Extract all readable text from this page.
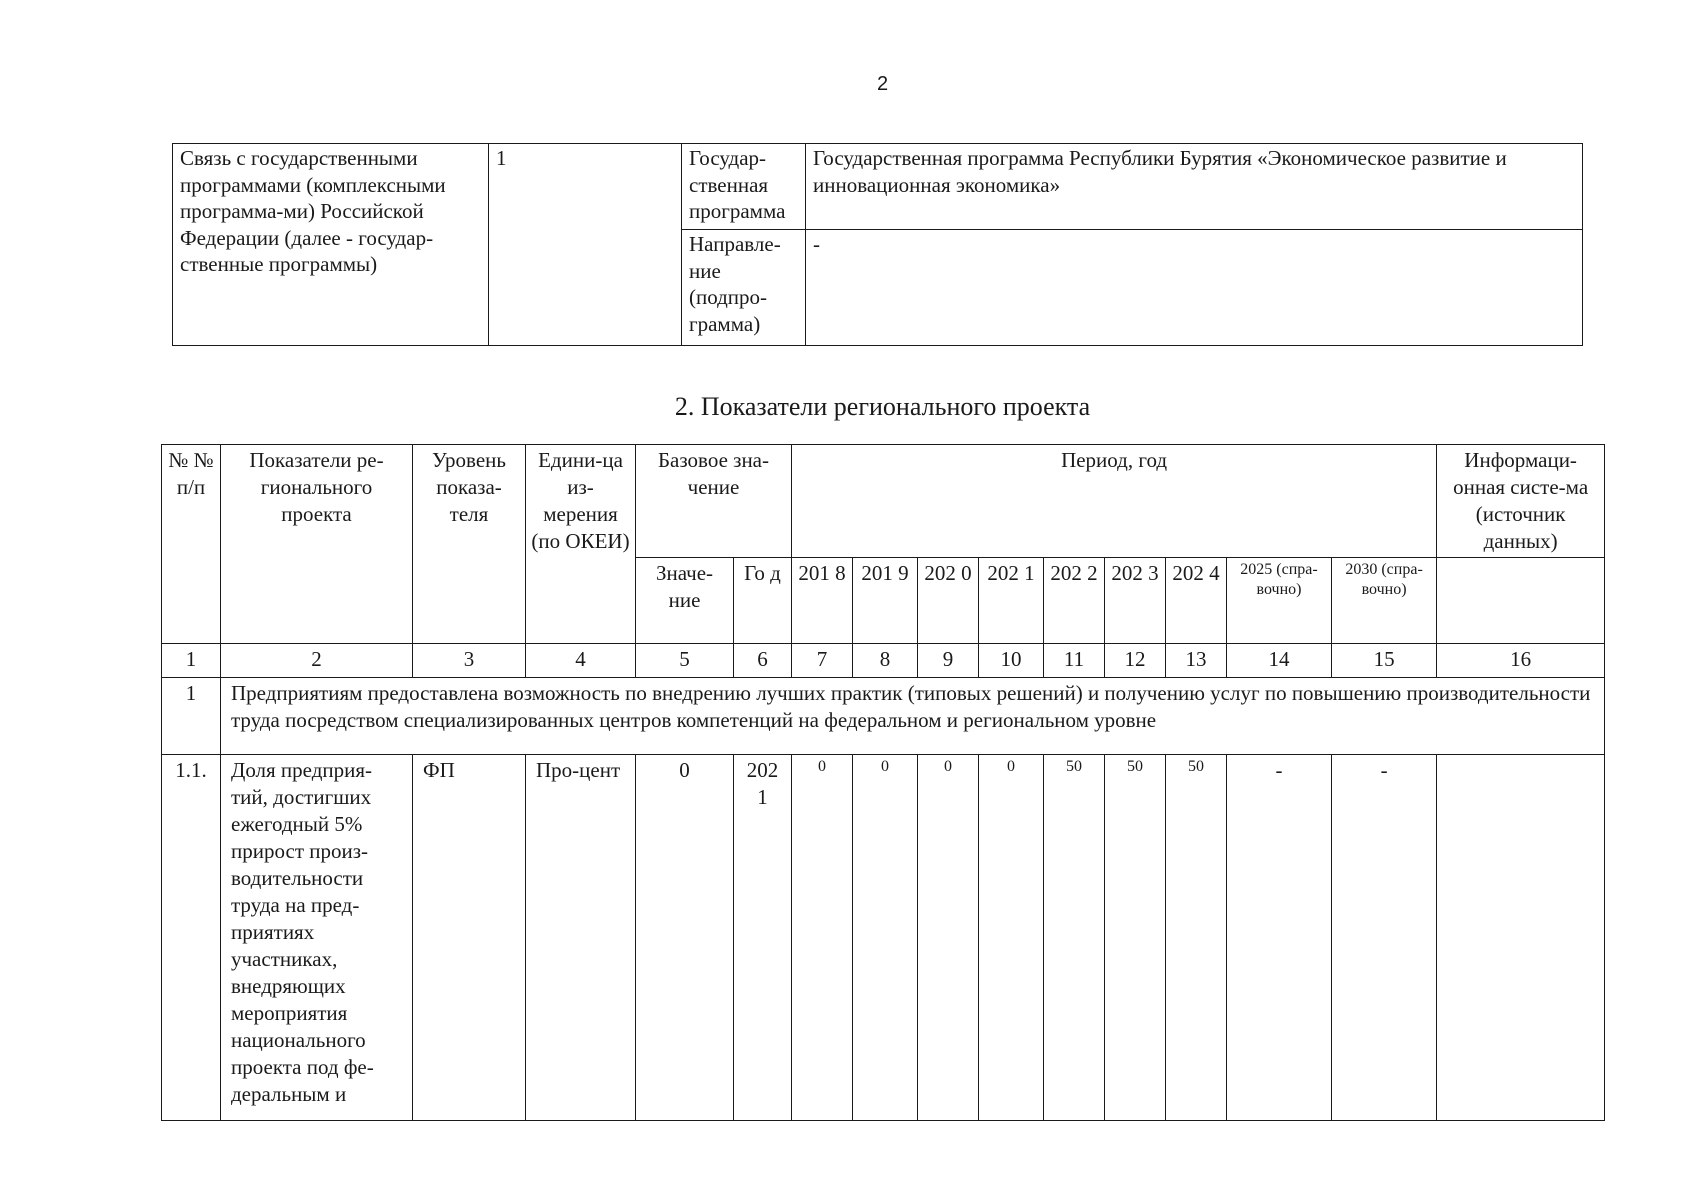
2
Связь с государственными программами (комплексными программа-ми) Российской Федерации (далее - государ-ственные программы)	1	Государ-ственная программа	Государственная программа Республики Бурятия «Экономическое развитие и инновационная экономика»
		Направле-ние (подпро-грамма)	-
2. Показатели регионального проекта
№ № п/п	Показатели ре-гионального проекта	Уровень показа-теля	Едини-ца из-мерения (по ОКЕИ)	Базовое зна-чение		Период, год									Информаци-онная систе-ма (источник данных)
				Значе-ние	Го д	201 8	201 9	202 0	202 1	202 2	202 3	202 4	2025 (спра-вочно)	2030 (спра-вочно)	
1	2	3	4	5	6	7	8	9	10	11	12	13	14	15	16
1	Предприятиям предоставлена возможность по внедрению лучших практик (типовых решений) и получению услуг по повышению производительности труда посредством специализированных центров компетенций на федеральном и региональном уровне														
1.1.	Доля предприя-тий, достигших ежегодный 5% прирост произ-водительности труда на пред-приятиях участниках, внедряющих мероприятия национального проекта под фе-деральным и	ФП	Про-цент	0	202 1	0	0	0	0	50	50	50	-	-	
